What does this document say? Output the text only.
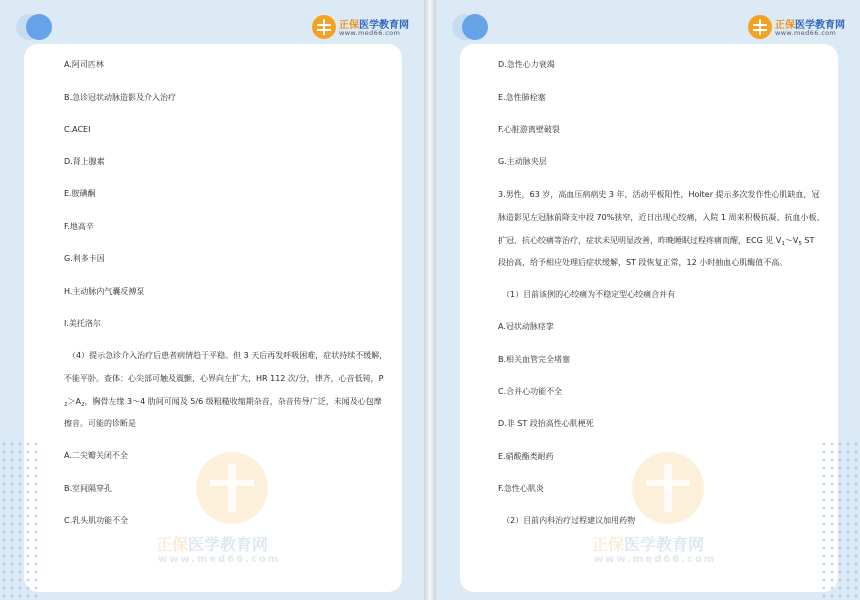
正保医学教育网
www.med66.com
A.阿司匹林
B.急诊冠状动脉造影及介入治疗
C.ACEI
D.肾上腺素
E.胺碘酮
F.地高辛
G.利多卡因
H.主动脉内气囊反搏泵
I.美托洛尔
（4）提示急诊介入治疗后患者病情趋于平稳。但 3 天后再发呼吸困难，症状持续不缓解，
不能平卧。查体：心尖部可触及震颤，心界向左扩大，HR 112 次/分，律齐，心音低钝，P
$_2>A_2$，胸骨左缘 3～4 肋间可闻及 5/6 级粗糙收缩期杂音，杂音传导广泛，未闻及心包摩
擦音。可能的诊断是
A.二尖瓣关闭不全
B.室间隔穿孔
C.乳头肌功能不全
正保医学教育网
www.med66.com
D.急性心力衰竭
E.急性肺栓塞
F.心脏游离壁破裂
G.主动脉夹层
3.男性，63 岁，高血压病病史 3 年，活动平板阳性，Holter 提示多次发作性心肌缺血，冠
脉造影见左冠脉前降支中段 70%狭窄，近日出现心绞痛，入院 1 周来积极抗凝、抗血小板、
扩冠、抗心绞痛等治疗，症状未见明显改善，昨晚睡眠过程疼痛而醒，ECG 见 $V_1\sim V_5$ ST
段抬高，给予相应处理后症状缓解，ST 段恢复正常，12 小时抽血心肌酶值不高。
（1）目前该例的心绞痛为不稳定型心绞痛合并有
A.冠状动脉痉挛
B.相关血管完全堵塞
C.合并心功能不全
D.非 ST 段抬高性心肌梗死
E.硝酸酯类耐药
F.急性心肌炎
（2）目前内科治疗过程建议加用药物
